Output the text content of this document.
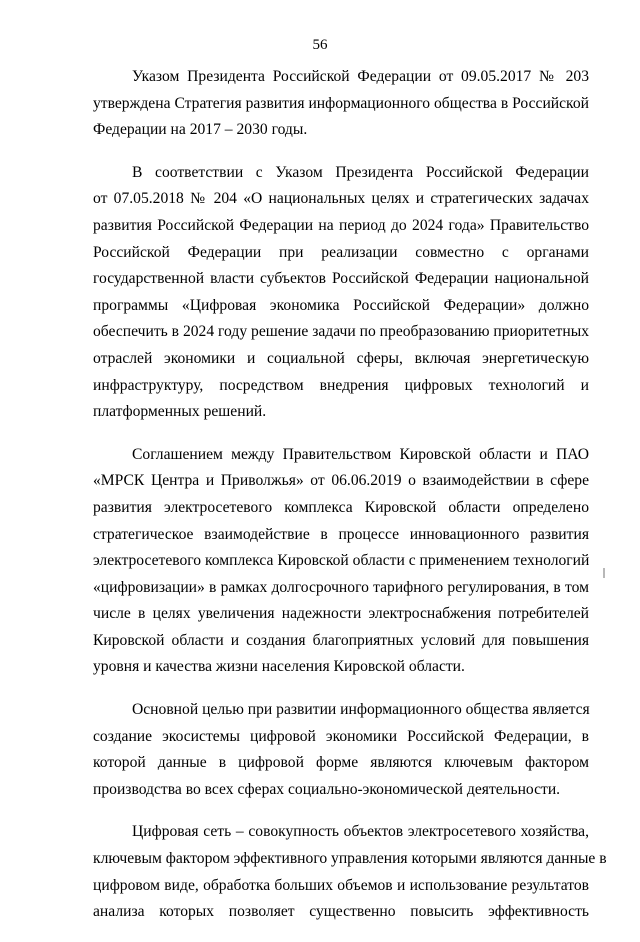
56

Указом Президента Российской Федерации от 09.05.2017 № 203
утверждена Стратегия развития информационного общества в Российской
Федерации на 2017 – 2030 годы.

В соответствии с Указом Президента Российской Федерации
от 07.05.2018 № 204 «О национальных целях и стратегических задачах
развития Российской Федерации на период до 2024 года» Правительство
Российской Федерации при реализации совместно с органами
государственной власти субъектов Российской Федерации национальной
программы «Цифровая экономика Российской Федерации» должно
обеспечить в 2024 году решение задачи по преобразованию приоритетных
отраслей экономики и социальной сферы, включая энергетическую
инфраструктуру, посредством внедрения цифровых технологий и
платформенных решений.

Соглашением между Правительством Кировской области и ПАО
«МРСК Центра и Приволжья» от 06.06.2019 о взаимодействии в сфере
развития электросетевого комплекса Кировской области определено
стратегическое взаимодействие в процессе инновационного развития
электросетевого комплекса Кировской области с применением технологий
«цифровизации» в рамках долгосрочного тарифного регулирования, в том
числе в целях увеличения надежности электроснабжения потребителей
Кировской области и создания благоприятных условий для повышения
уровня и качества жизни населения Кировской области.

Основной целью при развитии информационного общества является
создание экосистемы цифровой экономики Российской Федерации, в
которой данные в цифровой форме являются ключевым фактором
производства во всех сферах социально-экономической деятельности.

Цифровая сеть – совокупность объектов электросетевого хозяйства,
ключевым фактором эффективного управления которыми являются данные в
цифровом виде, обработка больших объемов и использование результатов
анализа которых позволяет существенно повысить эффективность
